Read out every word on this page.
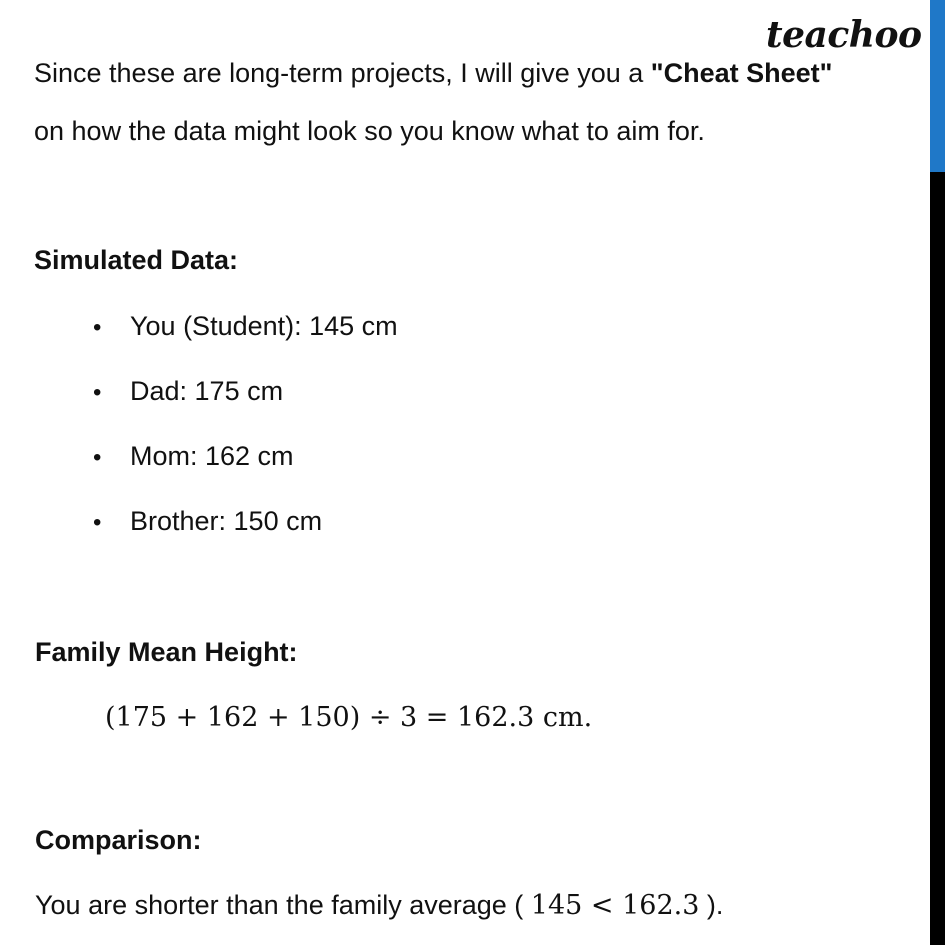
teachoo
Since these are long-term projects, I will give you a "Cheat Sheet"
on how the data might look so you know what to aim for.
Simulated Data:
• You (Student): 145 cm
• Dad: 175 cm
• Mom: 162 cm
• Brother: 150 cm
Family Mean Height:
(175 + 162 + 150) ÷ 3 = 162.3 cm.
Comparison:
You are shorter than the family average ( 145 < 162.3 ).
